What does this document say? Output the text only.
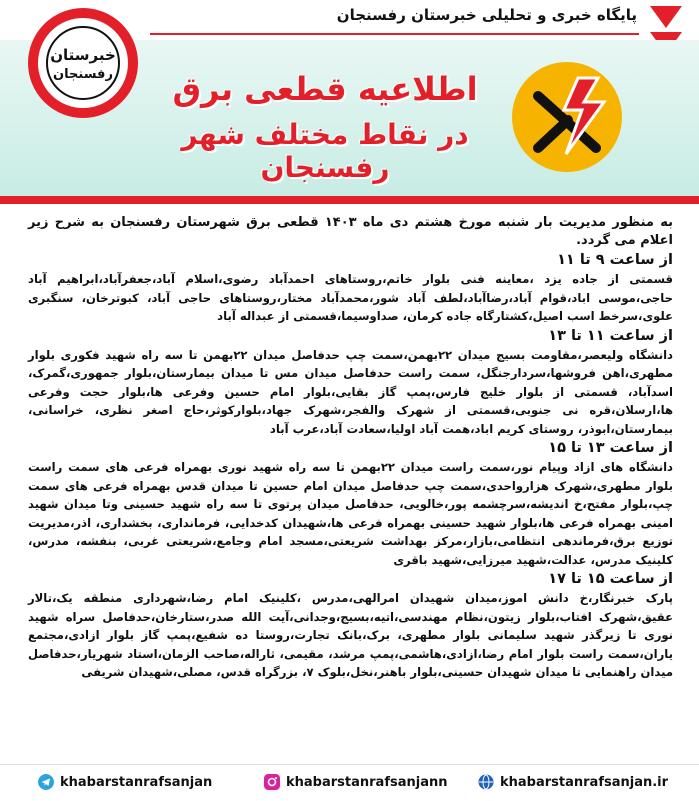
پایگاه خبری و تحلیلی خبرستان رفسنجان
خبرستان
رفسنجان	اطلاعیه قطعی برق
در نقاط مختلف شهر رفسنجان
به منظور مدیریت بار شنبه مورخ هشتم دی ماه ۱۴۰۳ قطعی برق شهرستان رفسنجان به شرح زیر اعلام می گردد.
از ساعت ۹ تا ۱۱
قسمتی از جاده یزد ،معاینه فنی بلوار خاتم،روستاهای احمدآباد رضوی،اسلام آباد،جعفرآباد،ابراهیم آباد حاجی،موسی اباد،قوام آباد،رضاآباد،لطف آباد شور،محمدآباد مختار،روستاهای حاجی آباد، کبوترخان، سنگبری علوی،سرخط اسب اصیل،کشتارگاه جاده کرمان، صداوسیما،قسمتی از عبداله آباد
از ساعت ۱۱ تا ۱۳
دانشگاه ولیعصر،مقاومت بسیج میدان ۲۲بهمن،سمت چپ حدفاصل میدان ۲۲بهمن تا سه راه شهید فکوری بلوار مطهری،اهن فروشها،سردارجنگل، سمت راست حدفاصل میدان مس تا میدان بیمارستان،بلوار جمهوری،گمرک، اسدآباد، قسمتی از بلوار خلیج فارس،پمپ گاز بقایی،بلوار امام حسین وفرعی ها،بلوار حجت وفرعی ها،ارسلان،قره نی جنوبی،قسمتی از شهرک والفجر،شهرک جهاد،بلوارکوثر،حاج اصغر نظری، خراسانی، بیمارستان،ابوذر، روستای کریم اباد،همت آباد اولیا،سعادت آباد،عرب آباد
از ساعت ۱۳ تا ۱۵
دانشگاه های ازاد وپیام نور،سمت راست میدان ۲۲بهمن تا سه راه شهید نوری بهمراه فرعی های سمت راست بلوار مطهری،شهرک هزارواحدی،سمت چپ حدفاصل میدان امام حسین تا میدان قدس بهمراه فرعی های سمت چپ،بلوار مفتح،خ اندیشه،سرچشمه پور،خالویی، حدفاصل میدان پرتوی تا سه راه شهید حسینی وتا میدان شهید امینی بهمراه فرعی ها،بلوار شهید حسینی بهمراه فرعی ها،شهیدان کدخدایی، فرمانداری، بخشداری، اذر،مدیریت توزیع برق،فرماندهی انتظامی،بازار،مرکز بهداشت شریعتی،مسجد امام وجامع،شریعتی غربی، بنفشه، مدرس، کلینیک مدرس، عدالت،شهید میرزایی،شهید باقری
از ساعت ۱۵ تا ۱۷
پارک خبرنگار،خ دانش اموز،میدان شهیدان امرالهی،مدرس ،کلینیک امام رضا،شهرداری منطقه یک،تالار عقیق،شهرک افتاب،بلوار زیتون،نظام مهندسی،اتیه،بسیج،وجدانی،آیت الله صدر،ستارخان،حدفاصل سراه شهید نوری تا زیرگذر شهید سلیمانی بلوار مطهری، برک،بانک تجارت،روستا ده شفیع،پمپ گاز بلوار ازادی،مجتمع یاران،سمت راست بلوار امام رضا،ازادی،هاشمی،پمپ مرشد، مقیمی، ثاراله،صاحب الزمان،استاد شهریار،حدفاصل میدان راهنمایی تا میدان شهیدان حسینی،بلوار باهنر،نخل،بلوک ۷، بزرگراه قدس، مصلی،شهیدان شریفی
khabarstanrafsanjan	khabarstanrafsanjann	khabarstanrafsanjan.ir
